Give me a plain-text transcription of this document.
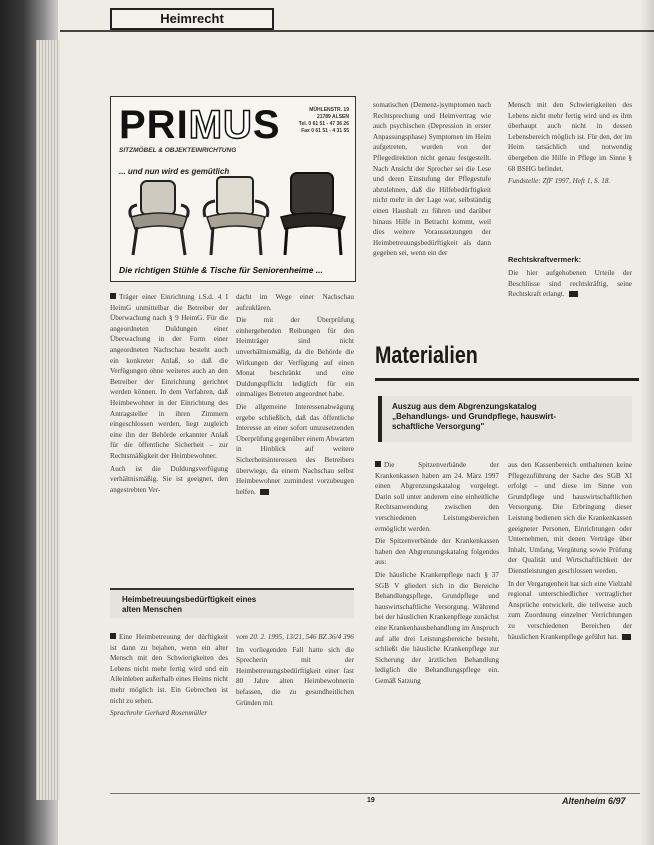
Heimrecht
PRIMUS	MÜHLENSTR. 19
21789 ALSEN
Tel. 0 61 51 - 47 36 26
Fax 0 61 51 - 4 31 55
SITZMÖBEL & OBJEKTEINRICHTUNG
... und nun wird es gemütlich
Die richtigen Stühle & Tische für Seniorenheime ...

Träger einer Einrichtung i.S.d. 4 I HeimG unmittelbar die Betreiber der Überwachung nach § 9 HeimG. Für die angeordneten Duldungen einer Überwachung in der Form einer angeordneten Nachschau besteht auch ein konkreter Anlaß, so daß die Verfügungen ohne weiteres auch an den Betreiber der Einrichtung gerichtet werden können. In dem Verfahren, daß Heimbewohner in der Einrichtung des Antragsteller in ihren Zimmern eingeschlossen werden, liegt zugleich eine ihn der Behörde erkannter Anlaß für die öffentliche Sicherheit – zur Rechtsmäßigkeit der Heimbewohner.

Auch ist die Duldungsverfügung verhältnismäßig. Sie ist geeignet, den angestrebten Ver-

dacht im Wege einer Nachschau aufzuklären.

Die mit der Überprüfung einhergehenden Reibungen für den Heimträger sind nicht unverhältnismäßig, da die Behörde die Wirkungen der Verfügung auf einen Monat beschränkt und eine Duldungspflicht lediglich für ein einmaliges Betreten angeordnet habe.

Die allgemeine Interessenabwägung ergebe schließlich, daß das öffentliche Interesse an einer sofort umzusetzenden Überprüfung gegenüber einem Abwarten in Hinblick auf weitere Sicherheitsinteressen des Betreibers überwiege, da einem Nachschau selbst Heimbewohner zumindest vorzubeugen helfen.

somatischen (Demenz-)symptomen nach Rechtsprechung und Heimvertrag wie auch psychischen (Depression in erster Anpassungsphase) Symptomen im Heim aufgetreten, wurden von der Pflegedirektion nicht genau festgestellt. Nach Ansicht der Sprecher sei die Lese und deren Einstufung der Pflegestufe abzulehnen, daß die Hilfebedürftigkeit nicht mehr in der Lage war, selbständig einen Haushalt zu führen und darüber hinaus Hilfe in Betracht kommt, weil dies weitere Voraussetzungen der Heimbetreuungsbedürftigkeit als dann gegeben sei, wenn ein der

Mensch mit den Schwierigkeiten des Lebens nicht mehr fertig wird und es ihm überhaupt auch nicht in dessen Lebensbereich möglich ist. Für den, der im Heim tatsächlich und notwendig übergeben die Hilfe in Pflege im Sinne § 68 BSHG befindet.

Fundstelle: ZfF 1997, Heft 1, S. 18.

Rechtskraftvermerk:

Die hier aufgehobenen Urteile der Beschlüsse sind rechtskräftig, seine Rechtskraft erlangt.

Materialien
Auszug aus dem Abgrenzungskatalog
„Behandlungs- und Grundpflege, hauswirt-
schaftliche Versorgung"

Die Spitzenverbände der Krankenkassen haben am 24. März 1997 einen Abgrenzungskatalog vorgelegt. Darin soll unter anderem eine einheitliche Rechtsanwendung zwischen den verschiedenen Leistungsbereichen ermöglicht werden.

Die Spitzenverbände der Krankenkassen haben den Abgrenzungskatalog folgendes aus:

Die häusliche Krankenpflege nach § 37 SGB V gliedert sich in die Bereiche Behandlungspflege, Grundpflege und hauswirtschaftliche Versorgung. Während bei der häuslichen Krankenpflege zunächst eine Krankenhausbehandlung im Anspruch auf alle drei Leistungsbereiche besteht, schließt die häusliche Krankenpflege zur Sicherung der ärztlichen Behandlung lediglich die Behandlungspflege ein. Gemäß Satzung

aus den Kassenbereich enthaltenen keine Pflegezuführung der Sache des SGB XI erfolgt – und diese im Sinne von Grundpflege und hauswirtschaftlichen Versorgung. Die Erbringung dieser Leistung bedienen sich die Krankenkassen geeigneter Personen, Einrichtungen oder Unternehmen, mit denen Verträge über Inhalt, Umfang, Vergütung sowie Prüfung der Qualität und Wirtschaftlichkeit der Dienstleistungen geschlossen werden.

In der Vergangenheit hat sich eine Vielzahl regional unterschiedlicher vertraglicher Ansprüche entwickelt, die teilweise auch zum Zuordnung einzelner Verrichtungen zu verschiedenen Bereichen der häuslichen Krankenpflege geführt hat.

Heimbetreuungsbedürftigkeit eines
alten Menschen

Eine Heimbetreuung der dürftigkeit ist dann zu bejahen, wenn ein alter Mensch mit den Schwierigkeiten des Lebens nicht mehr fertig wird und ein Alleinleben außerhalb eines Heims nicht mehr möglich ist. Ein Gebrechen ist nicht zu sehen.

Sprachrohr Gerhard Rosenmüller

vom 20. 2. 1995, 13/21, 546 BZ 36/4 396

Im vorliegenden Fall hatte sich die Sprecherin mit der Heimbetreuungsbedürftigkeit einer fast 80 Jahre alten Heimbewohnerin befassen, die zu gesundheitlichen Gründen mit

19	Altenheim 6/97
